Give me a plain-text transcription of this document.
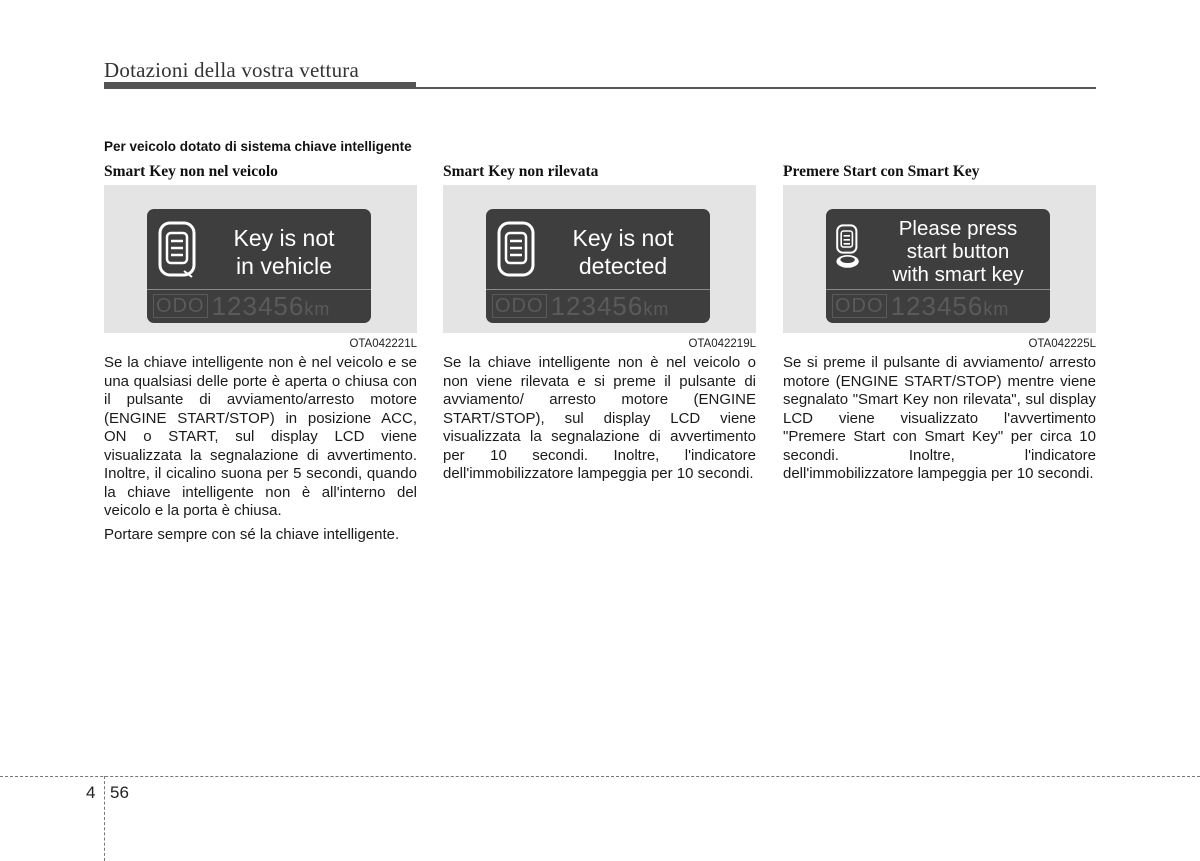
Dotazioni della vostra vettura
Per veicolo dotato di sistema chiave intelligente
Smart Key non nel veicolo
Key is not
in vehicle
ODO 123456km
OTA042221L

Se la chiave intelligente non è nel veicolo e se una qualsiasi delle porte è aperta o chiusa con il pulsante di avviamento/arresto motore (ENGINE START/STOP) in posizione ACC, ON o START, sul display LCD viene visualizzata la segnalazione di avvertimento. Inoltre, il cicalino suona per 5 secondi, quando la chiave intelligente non è all'interno del veicolo e la porta è chiusa.

Portare sempre con sé la chiave intelligente.

Smart Key non rilevata
Key is not
detected
ODO 123456km
OTA042219L

Se la chiave intelligente non è nel veicolo o non viene rilevata e si preme il pulsante di avviamento/ arresto motore (ENGINE START/STOP), sul display LCD viene visualizzata la segnalazione di avvertimento per 10 secondi. Inoltre, l'indicatore dell'immobilizzatore lampeggia per 10 secondi.

Premere Start con Smart Key
Please press
start button
with smart key
ODO 123456km
OTA042225L

Se si preme il pulsante di avviamento/ arresto motore (ENGINE START/STOP) mentre viene segnalato "Smart Key non rilevata", sul display LCD viene visualizzato l'avvertimento "Premere Start con Smart Key" per circa 10 secondi. Inoltre, l'indicatore dell'immobilizzatore lampeggia per 10 secondi.

4 56
